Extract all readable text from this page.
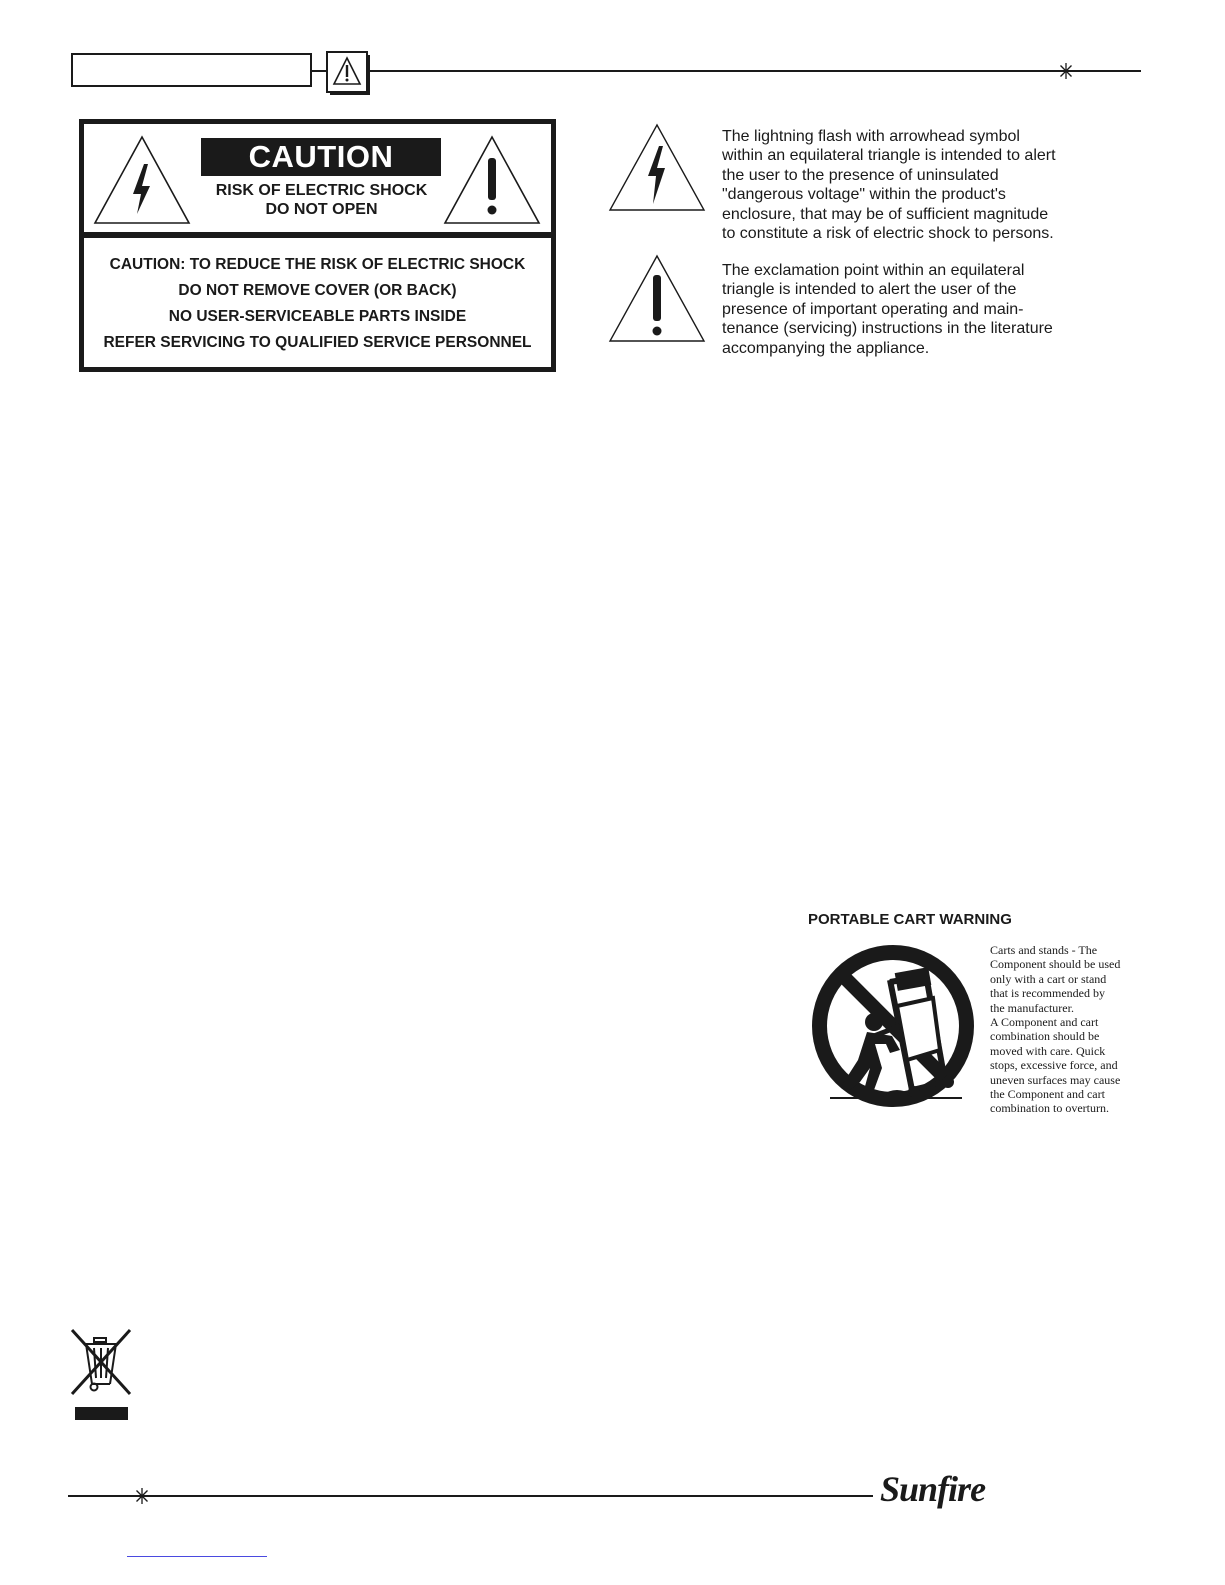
CAUTION
RISK OF ELECTRIC SHOCK
DO NOT OPEN
CAUTION: TO REDUCE THE RISK OF ELECTRIC SHOCK
DO NOT REMOVE COVER (OR BACK)
NO USER-SERVICEABLE PARTS INSIDE
REFER SERVICING TO QUALIFIED SERVICE PERSONNEL
The lightning flash with arrowhead symbol
within an equilateral triangle is intended to alert
the user to the presence of uninsulated
"dangerous voltage" within the product's
enclosure, that may be of sufficient magnitude
to constitute a risk of electric shock to persons.
The exclamation point within an equilateral
triangle is intended to alert the user of the
presence of important operating and main-
tenance (servicing) instructions in the literature
accompanying the appliance.
PORTABLE CART WARNING
Carts and stands - The
Component should be used
only with a cart or stand
that is recommended by
the manufacturer.
A Component and cart
combination should be
moved with care. Quick
stops, excessive force, and
uneven surfaces may cause
the Component and cart
combination to overturn.
Sunfire
